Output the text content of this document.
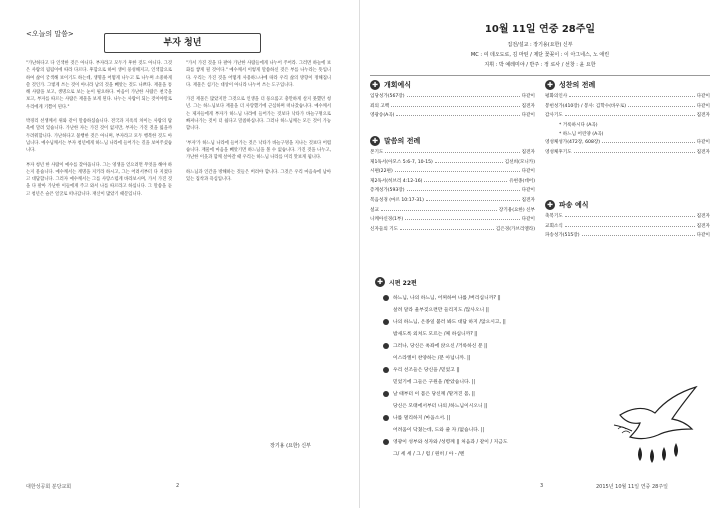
<오늘의 말씀>
부자 청년

"가난하다고 다 인색한 것은 아니다. 부자라고 모두가 후한 것도 아니다. 그것은 사람의 됨됨이에 따라 다르다. 후함으로 하여 생이 풍성해지고, 인색함으로 하여 삶이 궁색해 보이기도 하는데, 생명을 어떻게 나누고 또 나누며 소중하게 쓸 것인가. 그렇게 쓰는 것이 아니라 남의 것을 빼앗는 것도 나쁘다. 재물을 통해 사람을 보고, 생명으로 보는 눈이 필요하다. 마음이 가난한 사람은 천국을 보고, 부자를 따르는 사람은 재물을 보게 된다. 나누는 사람이 되는 것이야말로 우리에게 기쁨이 된다."

박경리 선생께서 위와 같이 말씀하셨습니다. 전국과 지옥의 차이는 사람의 탐욕에 달려 있습니다. 가난한 자는 가진 것이 없지만, 부자는 가진 것을 잃을까 두려워합니다. 가난하다고 불행한 것은 아니며, 부자라고 모두 행복한 것도 아닙니다. 예수님께서는 부자 청년에게 하느님 나라에 들어가는 길을 보여주셨습니다.

부자 청년 한 사람이 예수를 찾아옵니다. 그는 영생을 얻으려면 무엇을 해야 하는지 묻습니다. 예수께서는 계명을 지키라 하시고, 그는 어려서부터 다 지켰다고 대답합니다. 그러자 예수께서는 그를 사랑스럽게 바라보시며, 가서 가진 것을 다 팔아 가난한 이들에게 주고 와서 나를 따르라고 하십니다. 그 말씀을 듣고 청년은 슬픈 얼굴로 떠나갑니다. 재산이 많았기 때문입니다.

"가서 가진 것을 다 팔아 가난한 사람들에게 나누어 주어라. 그러면 하늘에 보화를 쌓게 될 것이다." 예수께서 이렇게 말씀하신 것은 부를 나누라는 뜻입니다. 우리는 가진 것을 어떻게 사용하느냐에 따라 우리 삶의 방향이 정해집니다. 재물은 섬기는 대상이 아니라 나누어 쓰는 도구입니다.

가진 재물은 많았지만 그것으로 인생을 더 풍요롭고 충만하게 살지 못했던 청년. 그는 하느님보다 재물을 더 사랑했기에 근심하며 떠나갔습니다. 예수께서는 제자들에게 부자가 하느님 나라에 들어가는 것보다 낙타가 바늘구멍으로 빠져나가는 것이 더 쉽다고 말씀하십니다. 그러나 하느님께는 모든 것이 가능합니다.

'부자'가 하느님 나라에 들어가는 것은 낙타가 바늘구멍을 지나는 것보다 어렵습니다. 재물에 마음을 빼앗기면 하느님을 볼 수 없습니다. 가진 것을 나누고, 가난한 이웃과 함께 살아갈 때 우리는 하느님 나라를 미리 맛보게 됩니다.

하느님과 인간을 방해하는 것들은 버려야 합니다. 그것은 우리 마음속에 남아 있는 집착과 욕심입니다.

장기용 (요한) 신부
대한성공회 분당교회	2
10월 11일 연중 28주일
집전/설교 : 장기용(요한) 신부
MC : 여 데오도로, 김 마틴 / 제단 꽃꽂이 : 이 아그네스, 노 애린
지휘 : 박 예레미야 / 반주 : 정 로사 / 선창 : 윤 요한
✚ 개회예식
입당성가(567장)	다같이
죄의 고백	집전자
영광송(A곡)	다같이
✚ 말씀의 전례
본기도	집전자
제1독서(아모스 5:6-7, 10-15)	김선희(모니카)
시편(22편)	다같이
제2독서(히브리 4:12-16)	유현종(데어)
층계성가(593장)	다같이
복음성경 (마르 10:17-31)	집전자
설교	장기용(요한) 신부
니케아신경(1부)	다같이
신자들의 기도	김은경(가브리엘라)
✚ 성찬의 전례
평화의인사	다같이
봉헌성가(410장) / 봉사: 김학수(바우로)	다같이
감사기도	집전자
* 거룩하시다 (A곡)
* 하느님 어린양 (A곡)
영성체성가(472장, 608장)	다같이
영성체후기도	집전자
✚ 파송 예식
축복기도	집전자
교회소식	집전자
파송성가(515장)	다같이
✚	시편 22편
하느님, 나의 하느님, 어찌하여 나를 /버리십니까? ||
살려 달라 울부짖으련만 들리지도 /않사오니 ||
나의 하느님, 온종일 불러 봐도 대답 하지 /않으시고, ||
밤새도록 외쳐도 모르는 /체 하십니까? ||
그러나, 당신은 옥좌에 앉으신 /거룩하신 분 ||
이스라엘이 찬양하는 /분 아닙니까. ||
우리 선조들은 당신을 /믿었고 ||
믿었기에 그들은 구원을 /받았습니다. ||
날 때부터 이 몸은 당신께 /맡겨진 몸, ||
당신은 모태에서부터 나의 /하느님이시오니 ||
나를 멀리하지 /마옵소서. ||
어려움이 닥쳤는데, 도와 줄 자 /없습니다. ||
영광이 성부와 성자와 /성령께 || 처음과 / 같이 / 지금도
그/ 세 세 / 그 / 럼 / 원히 / 아 - /멘
3	2015년 10월 11일 연중 28주일
